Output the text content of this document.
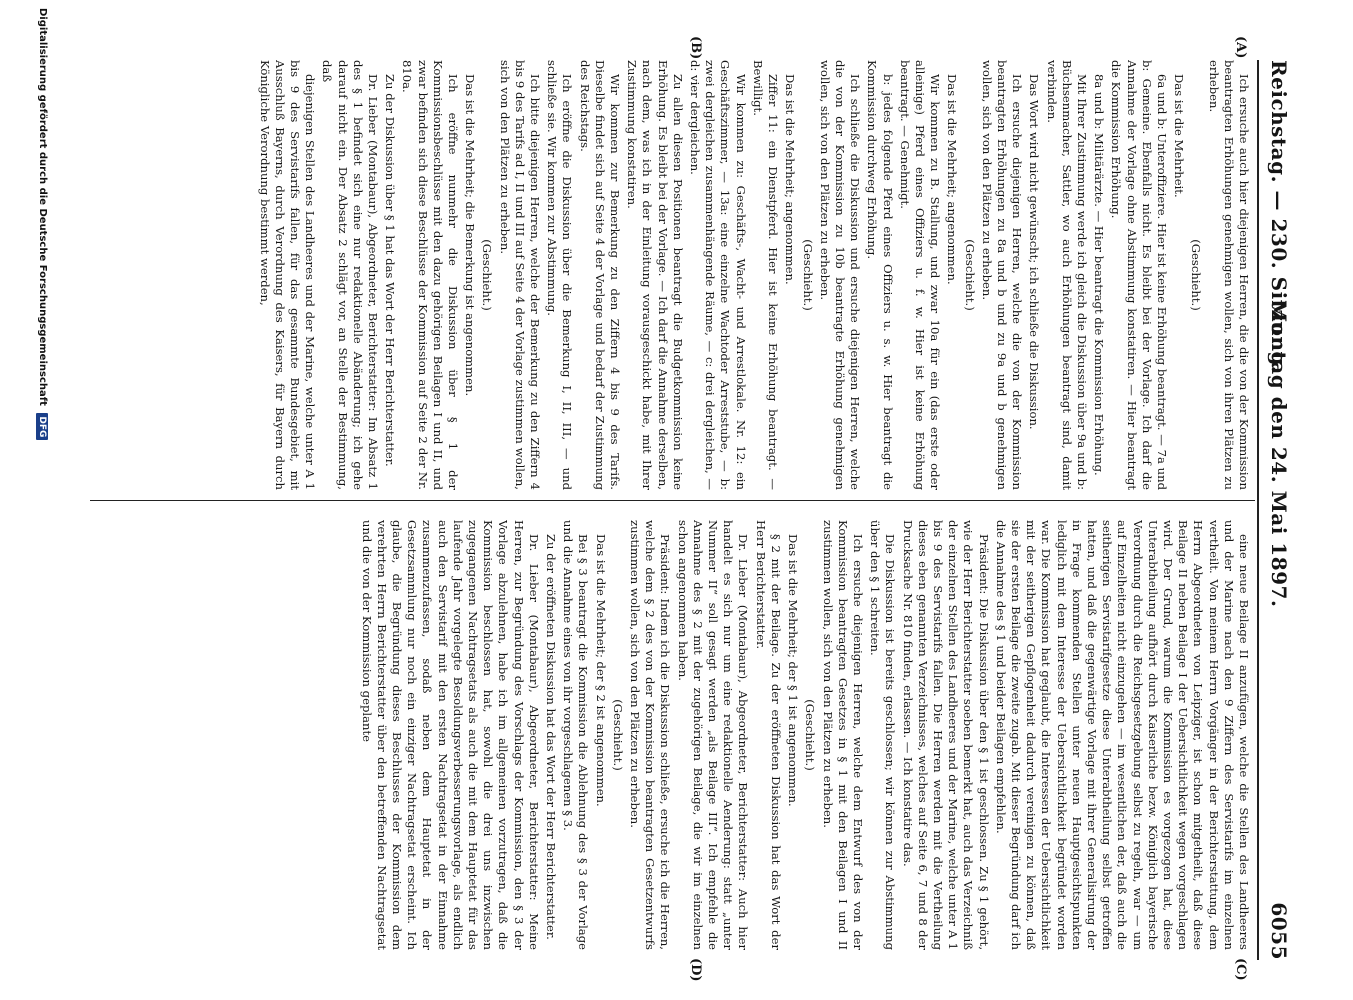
Reichstag. — 230. Sitzung.
Montag den 24. Mai 1897.
6055
(A)
(B)
(C)
(D)

Ich ersuche auch hier diejenigen Herren, die die von der Kommission beantragten Erhöhungen genehmigen wollen, sich von ihren Plätzen zu erheben.

(Geschieht.)

Das ist die Mehrheit.

6a und b: Unteroffiziere. Hier ist keine Erhöhung beantragt. — 7a und b: Gemeine. Ebenfalls nicht. Es bleibt bei der Vorlage. Ich darf die Annahme der Vorlage ohne Abstimmung konstatiren. — Hier beantragt die Kommission Erhöhung.

8a und b: Militärärzte. — Hier beantragt die Kommission Erhöhung.

Mit Ihrer Zustimmung werde ich gleich die Diskussion über 9a und b: Büchsenmacher, Sattler, wo auch Erhöhungen beantragt sind, damit verbinden.

Das Wort wird nicht gewünscht; ich schließe die Diskussion.

Ich ersuche diejenigen Herren, welche die von der Kommission beantragten Erhöhungen zu 8a und b und zu 9a und b genehmigen wollen, sich von den Plätzen zu erheben.

(Geschieht.)

Das ist die Mehrheit; angenommen.

Wir kommen zu B. Stallung, und zwar 10a für ein (das erste oder alleinige) Pferd eines Offiziers u. f. w. Hier ist keine Erhöhung beantragt. — Genehmigt.

b: jedes folgende Pferd eines Offiziers u. s. w. Hier beantragt die Kommission durchweg Erhöhung.

Ich schließe die Diskussion und ersuche diejenigen Herren, welche die von der Kommission zu 10b beantragte Erhöhung genehmigen wollen, sich von den Plätzen zu erheben.

(Geschieht.)

Das ist die Mehrheit; angenommen.

Ziffer 11: ein Dienstpferd. Hier ist keine Erhöhung beantragt. — Bewilligt.

Wir kommen zu: Geschäfts-, Wacht- und Arrestlokale. Nr. 12: ein Geschäftszimmer, — 13a: eine einzelne Wachtoder Arreststube, — b: zwei dergleichen zusammenhängende Räume, — c: drei dergleichen, — d: vier dergleichen.

Zu allen diesen Positionen beantragt die Budgetkommission keine Erhöhung. Es bleibt bei der Vorlage. — Ich darf die Annahme derselben, nach dem, was ich in der Einleitung vorausgeschickt habe, mit Ihrer Zustimmung konstatiren.

Wir kommen zur Bemerkung zu den Ziffern 4 bis 9 des Tarifs. Dieselbe findet sich auf Seite 4 der Vorlage und bedarf der Zustimmung des Reichstags.

Ich eröffne die Diskussion über die Bemerkung I, II, III, — und schließe sie. Wir kommen zur Abstimmung.

Ich bitte diejenigen Herren, welche der Bemerkung zu den Ziffern 4 bis 9 des Tarifs ad I, II und III auf Seite 4 der Vorlage zustimmen wollen, sich von den Plätzen zu erheben.

(Geschieht.)

Das ist die Mehrheit; die Bemerkung ist angenommen.

Ich eröffne nunmehr die Diskussion über § 1 der Kommissionsbeschlüsse mit den dazu gehörigen Beilagen I und II, und zwar befinden sich diese Beschlüsse der Kommission auf Seite 2 der Nr. 810a.

Zu der Diskussion über § 1 hat das Wort der Herr Berichterstatter.

Dr. Lieber (Montabaur), Abgeordneter, Berichterstatter: Im Absatz 1 des § 1 befindet sich eine nur redaktionelle Abänderung; ich gehe darauf nicht ein. Der Absatz 2 schlägt vor, an Stelle der Bestimmung, daß

diejenigen Stellen des Landheeres und der Marine, welche unter A 1 bis 9 des Servistarifs fallen, für das gesammte Bundesgebiet, mit Ausschluß Bayerns, durch Verordnung des Kaisers, für Bayern durch Königliche Verordnung bestimmt werden,

eine neue Beilage II anzufügen, welche die Stellen des Landheeres und der Marine nach den 9 Ziffern des Servistarifs im einzelnen vertheilt. Von meinem Herrn Vorgänger in der Berichterstattung, dem Herrn Abgeordneten von Leipziger, ist schon mitgetheilt, daß diese Beilage II neben Beilage I der Uebersichtlichkeit wegen vorgeschlagen wird. Der Grund, warum die Kommission es vorgezogen hat, diese Unterabtheilung aufhört durch Kaiserliche bezw. Königlich bayerische Verordnung durch die Reichsgesetzgebung selbst zu regeln, war — um auf Einzelheiten nicht einzugehen — im wesentlichen der, daß auch die seitherigen Servistarifgesetze diese Unterabtheilung selbst getroffen hatten, und daß die gegenwärtige Vorlage mit ihrer Generalisirung der in Frage kommenden Stellen unter neuen Hauptgesichtspunkten lediglich mit dem Interesse der Uebersichtlichkeit begründet worden war. Die Kommission hat geglaubt, die Interessen der Uebersichtlichkeit mit der seitherigen Gepflogenheit dadurch vereinigen zu können, daß sie der ersten Beilage die zweite zugab. Mit dieser Begründung darf ich die Annahme des § 1 und beider Beilagen empfehlen.

Präsident: Die Diskussion über den § 1 ist geschlossen. Zu § 1 gehört, wie der Herr Berichterstatter soeben bemerkt hat, auch das Verzeichniß der einzelnen Stellen des Landheeres und der Marine, welche unter A 1 bis 9 des Servistarifs fallen. Die Herren werden mit die Vertheilung dieses eben genannten Verzeichnisses, welches auf Seite 6, 7 und 8 der Drucksache Nr. 810 finden, erlassen. — Ich konstatire das.

Die Diskussion ist bereits geschlossen; wir können zur Abstimmung über den § 1 schreiten.

Ich ersuche diejenigen Herren, welche dem Entwurf des von der Kommission beantragten Gesetzes in § 1 mit den Beilagen I und II zustimmen wollen, sich von den Plätzen zu erheben.

(Geschieht.)

Das ist die Mehrheit; der § 1 ist angenommen.

§ 2 mit der Beilage. Zu der eröffneten Diskussion hat das Wort der Herr Berichterstatter.

Dr. Lieber (Montabaur), Abgeordneter, Berichterstatter: Auch hier handelt es sich nur um eine redaktionelle Aenderung: statt „unter Nummer II“ soll gesagt werden „als Beilage III“. Ich empfehle die Annahme des § 2 mit der zugehörigen Beilage, die wir im einzelnen schon angenommen haben.

Präsident: Indem ich die Diskussion schließe, ersuche ich die Herren, welche dem § 2 des von der Kommission beantragten Gesetzentwurfs zustimmen wollen, sich von den Plätzen zu erheben.

(Geschieht.)

Das ist die Mehrheit; der § 2 ist angenommen.

Bei § 3 beantragt die Kommission die Ablehnung des § 3 der Vorlage und die Annahme eines von ihr vorgeschlagenen § 3.

Zu der eröffneten Diskussion hat das Wort der Herr Berichterstatter.

Dr. Lieber (Montabaur), Abgeordneter, Berichterstatter: Meine Herren, zur Begründung des Vorschlags der Kommission, den § 3 der Vorlage abzulehnen, habe ich im allgemeinen vorzutragen, daß die Kommission beschlossen hat, sowohl die drei uns inzwischen zugegangenen Nachtragsetats als auch die mit dem Hauptetat für das laufende Jahr vorgelegte Besoldungsverbesserungsvorlage, als endlich auch den Servistarif mit den ersten Nachtragsetat in der Einnahme zusammenzufassen, sodaß neben dem Hauptetat in der Gesetzsammlung nur noch ein einziger Nachtragsetat erscheint. Ich glaube, die Begründung dieses Beschlusses der Kommission dem verehrten Herrn Berichterstatter über den betreffenden Nachtragsetat und die von der Kommission geplante

Digitalisierung gefördert durch die Deutsche Forschungsgemeinschaft DFG
